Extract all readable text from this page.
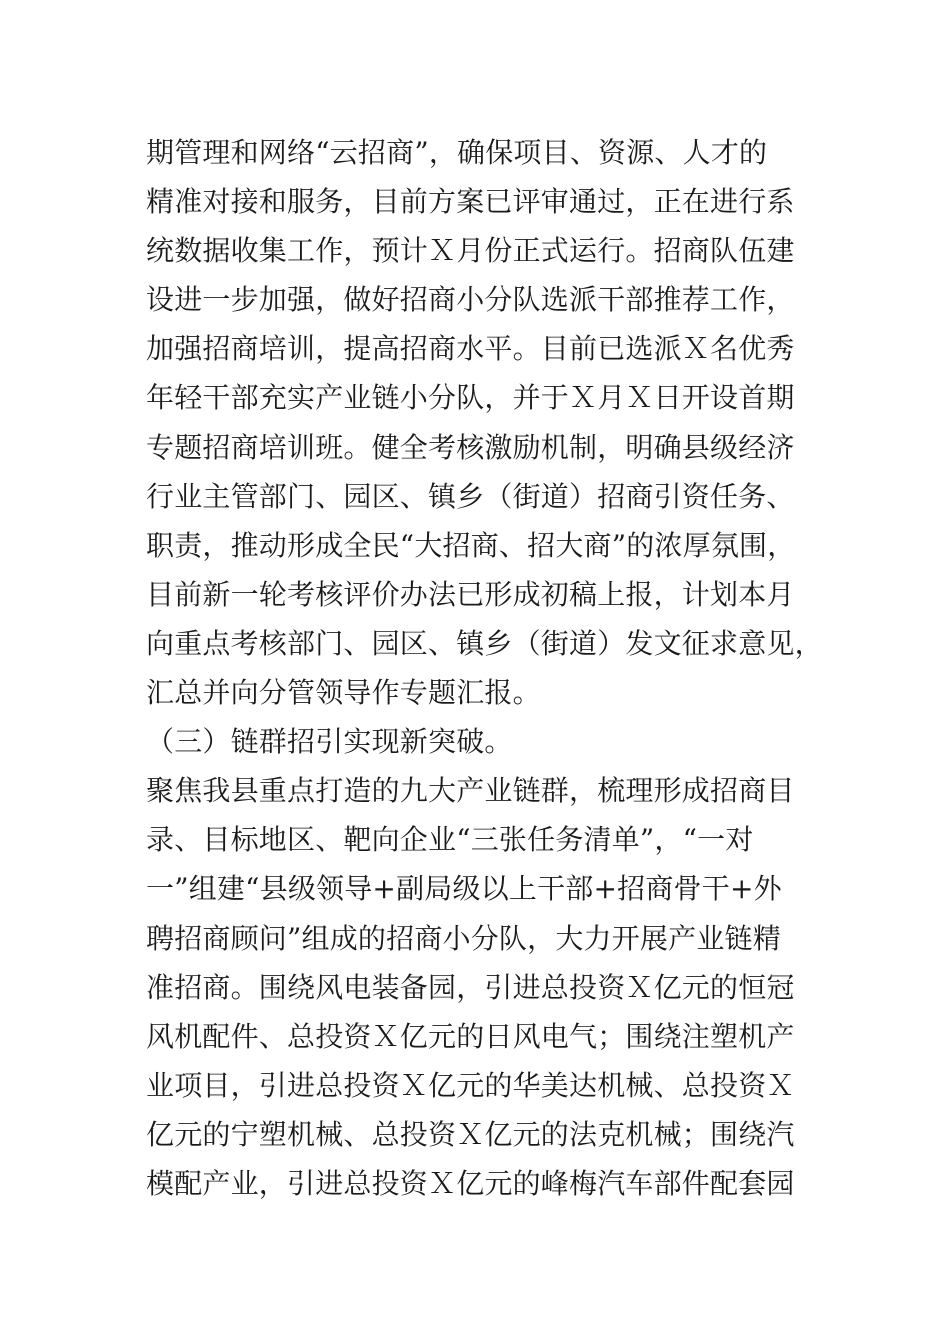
期管理和网络“云招商”，确保项目、资源、人才的
精准对接和服务，目前方案已评审通过，正在进行系
统数据收集工作，预计Ｘ月份正式运行。招商队伍建
设进一步加强，做好招商小分队选派干部推荐工作，
加强招商培训，提高招商水平。目前已选派Ｘ名优秀
年轻干部充实产业链小分队，并于Ｘ月Ｘ日开设首期
专题招商培训班。健全考核激励机制，明确县级经济
行业主管部门、园区、镇乡（街道）招商引资任务、
职责，推动形成全民“大招商、招大商”的浓厚氛围，
目前新一轮考核评价办法已形成初稿上报，计划本月
向重点考核部门、园区、镇乡（街道）发文征求意见，
汇总并向分管领导作专题汇报。
（三）链群招引实现新突破。
聚焦我县重点打造的九大产业链群，梳理形成招商目
录、目标地区、靶向企业“三张任务清单”，“一对
一”组建“县级领导+副局级以上干部+招商骨干+外
聘招商顾问”组成的招商小分队，大力开展产业链精
准招商。围绕风电装备园，引进总投资Ｘ亿元的恒冠
风机配件、总投资Ｘ亿元的日风电气；围绕注塑机产
业项目，引进总投资Ｘ亿元的华美达机械、总投资Ｘ
亿元的宁塑机械、总投资Ｘ亿元的法克机械；围绕汽
模配产业，引进总投资Ｘ亿元的峰梅汽车部件配套园
